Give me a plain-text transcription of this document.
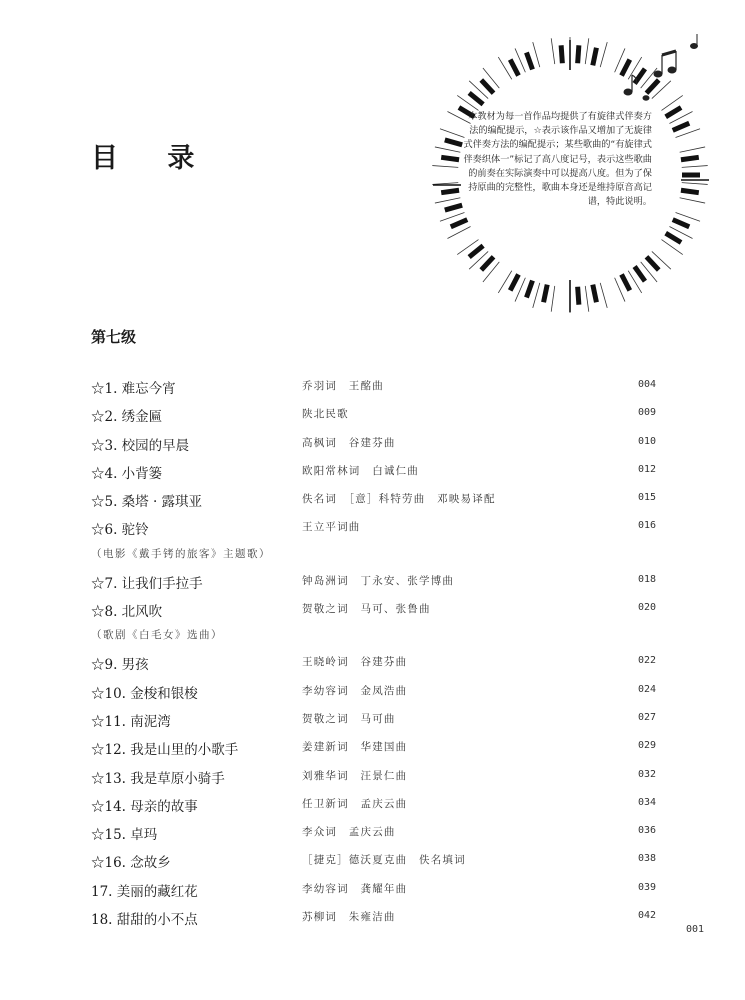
目 录
本教材为每一首作品均提供了有旋律式伴奏方法的编配提示，☆表示该作品又增加了无旋律式伴奏方法的编配提示；某些歌曲的“有旋律式伴奏织体一”标记了高八度记号，表示这些歌曲的前奏在实际演奏中可以提高八度。但为了保持原曲的完整性，歌曲本身还是维持原音高记谱，特此说明。
第七级
☆1. 难忘今宵	乔羽词　王酩曲	004
☆2. 绣金匾	陕北民歌	009
☆3. 校园的早晨	高枫词　谷建芬曲	010
☆4. 小背篓	欧阳常林词　白诚仁曲	012
☆5. 桑塔 · 露琪亚	佚名词　［意］科特劳曲　邓映易译配	015
☆6. 驼铃	王立平词曲	016
（电影《戴手铐的旅客》主题歌）
☆7. 让我们手拉手	钟岛洲词　丁永安、张学博曲	018
☆8. 北风吹	贺敬之词　马可、张鲁曲	020
（歌剧《白毛女》选曲）
☆9. 男孩	王晓岭词　谷建芬曲	022
☆10. 金梭和银梭	李幼容词　金凤浩曲	024
☆11. 南泥湾	贺敬之词　马可曲	027
☆12. 我是山里的小歌手	姜建新词　华建国曲	029
☆13. 我是草原小骑手	刘雅华词　汪景仁曲	032
☆14. 母亲的故事	任卫新词　孟庆云曲	034
☆15. 卓玛	李众词　孟庆云曲	036
☆16. 念故乡	［捷克］德沃夏克曲　佚名填词	038
17. 美丽的藏红花	李幼容词　龚耀年曲	039
18. 甜甜的小不点	苏柳词　朱雍洁曲	042
001
